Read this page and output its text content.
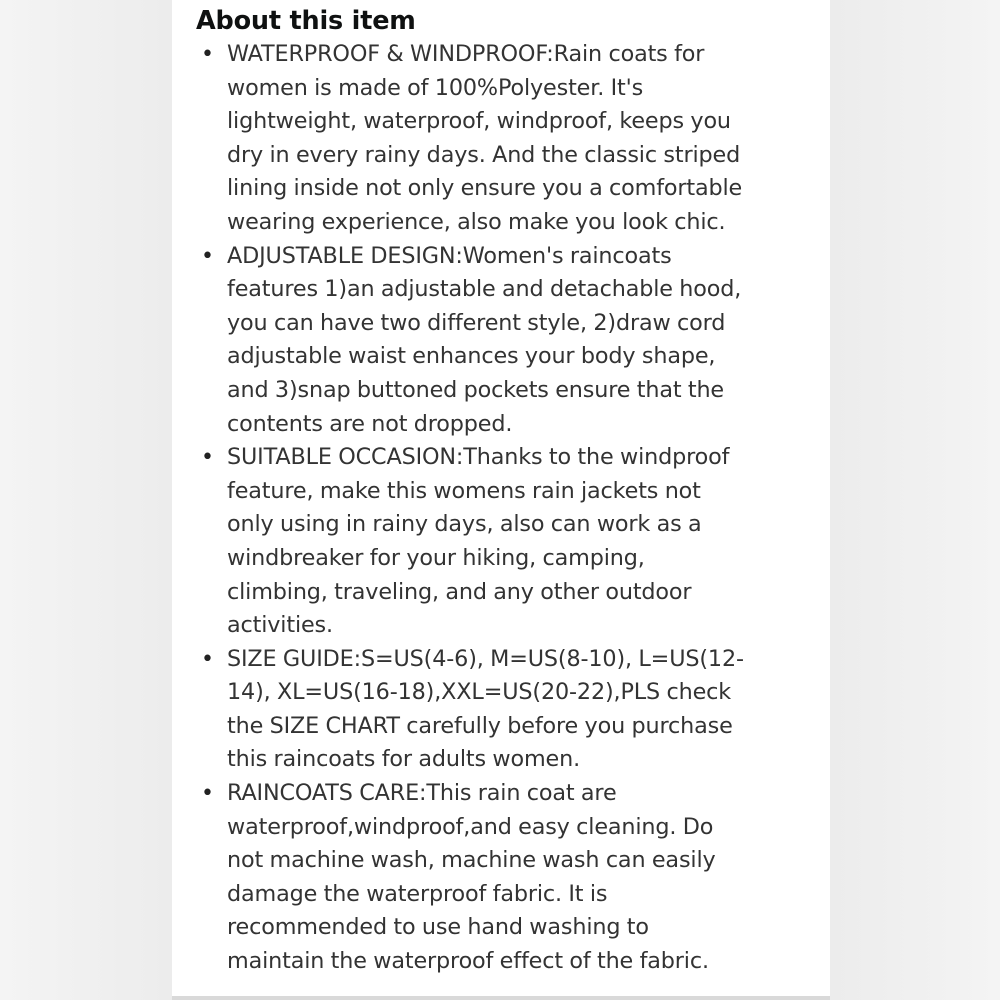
About this item
• WATERPROOF & WINDPROOF:Rain coats for
women is made of 100%Polyester. It's
lightweight, waterproof, windproof, keeps you
dry in every rainy days. And the classic striped
lining inside not only ensure you a comfortable
wearing experience, also make you look chic.
• ADJUSTABLE DESIGN:Women's raincoats
features 1)an adjustable and detachable hood,
you can have two different style, 2)draw cord
adjustable waist enhances your body shape,
and 3)snap buttoned pockets ensure that the
contents are not dropped.
• SUITABLE OCCASION:Thanks to the windproof
feature, make this womens rain jackets not
only using in rainy days, also can work as a
windbreaker for your hiking, camping,
climbing, traveling, and any other outdoor
activities.
• SIZE GUIDE:S=US(4-6), M=US(8-10), L=US(12-
14), XL=US(16-18),XXL=US(20-22),PLS check
the SIZE CHART carefully before you purchase
this raincoats for adults women.
• RAINCOATS CARE:This rain coat are
waterproof,windproof,and easy cleaning. Do
not machine wash, machine wash can easily
damage the waterproof fabric. It is
recommended to use hand washing to
maintain the waterproof effect of the fabric.
